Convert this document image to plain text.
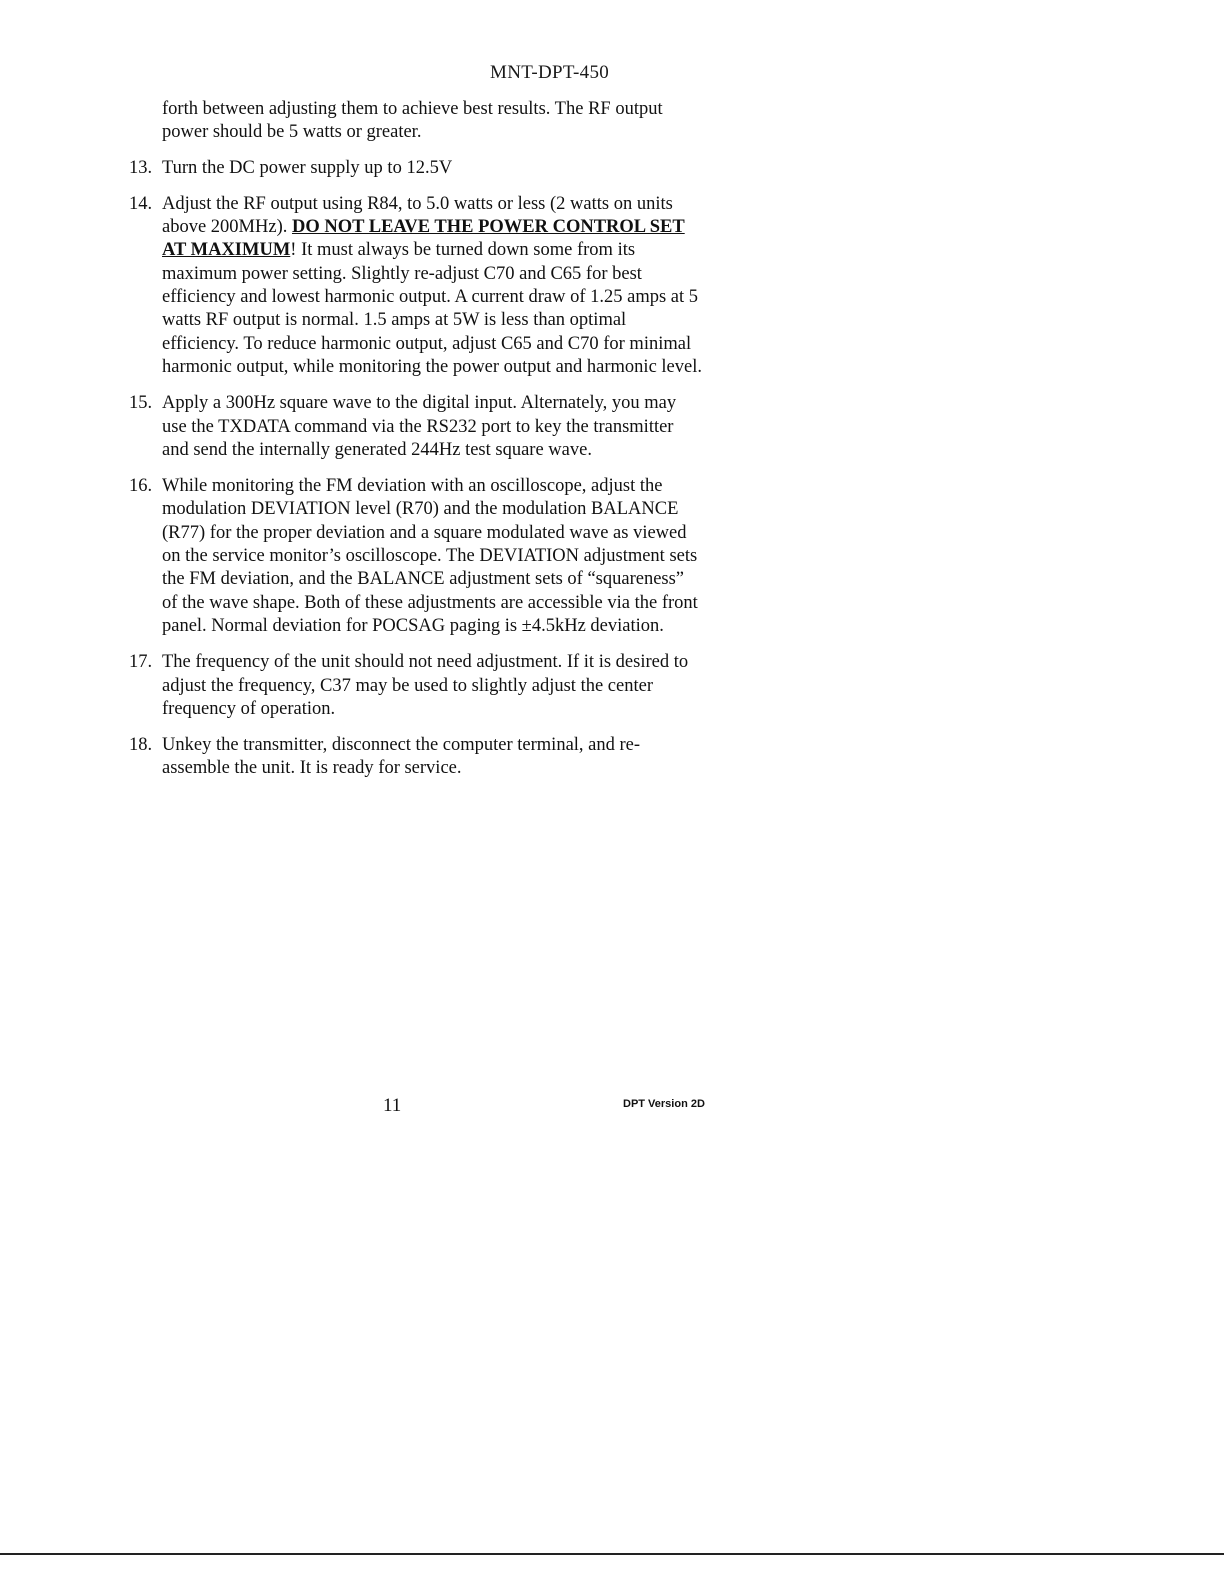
MNT-DPT-450

forth between adjusting them to achieve best results. The RF output power should be 5 watts or greater.

13. Turn the DC power supply up to 12.5V
14. Adjust the RF output using R84, to 5.0 watts or less (2 watts on units above 200MHz). DO NOT LEAVE THE POWER CONTROL SET AT MAXIMUM! It must always be turned down some from its maximum power setting. Slightly re-adjust C70 and C65 for best efficiency and lowest harmonic output. A current draw of 1.25 amps at 5 watts RF output is normal. 1.5 amps at 5W is less than optimal efficiency. To reduce harmonic output, adjust C65 and C70 for minimal harmonic output, while monitoring the power output and harmonic level.
15. Apply a 300Hz square wave to the digital input. Alternately, you may use the TXDATA command via the RS232 port to key the transmitter and send the internally generated 244Hz test square wave.
16. While monitoring the FM deviation with an oscilloscope, adjust the modulation DEVIATION level (R70) and the modulation BALANCE (R77) for the proper deviation and a square modulated wave as viewed on the service monitor’s oscilloscope. The DEVIATION adjustment sets the FM deviation, and the BALANCE adjustment sets of “squareness” of the wave shape. Both of these adjustments are accessible via the front panel. Normal deviation for POCSAG paging is ±4.5kHz deviation.
17. The frequency of the unit should not need adjustment. If it is desired to adjust the frequency, C37 may be used to slightly adjust the center frequency of operation.
18. Unkey the transmitter, disconnect the computer terminal, and re-assemble the unit. It is ready for service.
11	DPT Version 2D
